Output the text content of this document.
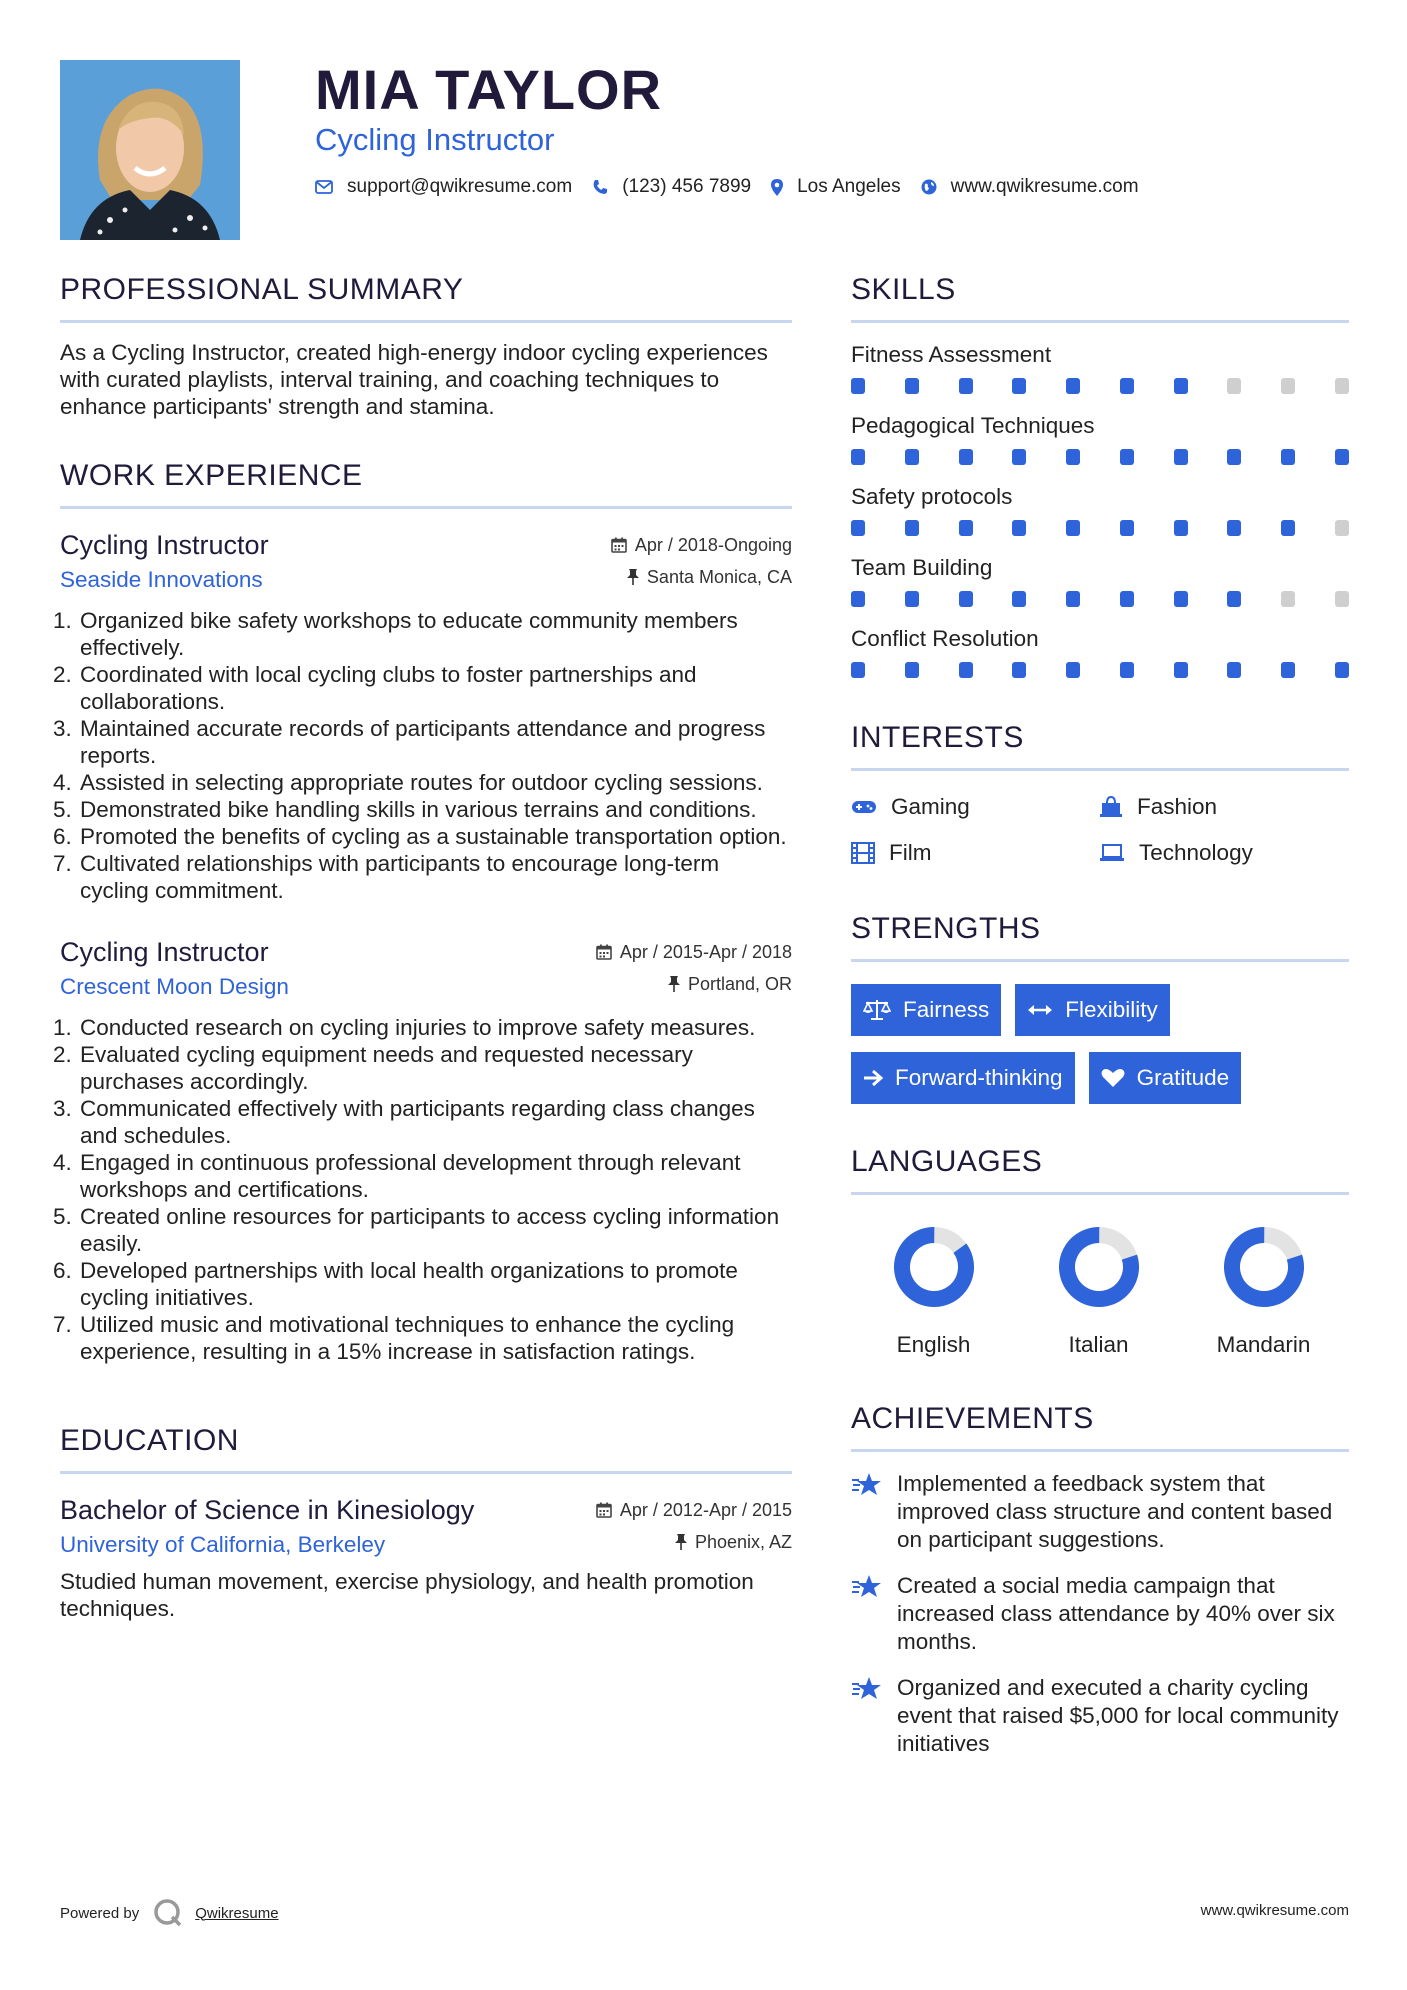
MIA TAYLOR
Cycling Instructor
support@qwikresume.com	(123) 456 7899 Los Angeles	www.qwikresume.com
PROFESSIONAL SUMMARY
As a Cycling Instructor, created high-energy indoor cycling experiences with curated playlists, interval training, and coaching techniques to enhance participants' strength and stamina.
WORK EXPERIENCE
Cycling Instructor
Seaside Innovations
Apr / 2018-Ongoing
Santa Monica, CA
1. Organized bike safety workshops to educate community members effectively.
2. Coordinated with local cycling clubs to foster partnerships and collaborations.
3. Maintained accurate records of participants attendance and progress reports.
4. Assisted in selecting appropriate routes for outdoor cycling sessions.
5. Demonstrated bike handling skills in various terrains and conditions.
6. Promoted the benefits of cycling as a sustainable transportation option.
7. Cultivated relationships with participants to encourage long-term cycling commitment.
Cycling Instructor
Crescent Moon Design
Apr / 2015-Apr / 2018
Portland, OR
1. Conducted research on cycling injuries to improve safety measures.
2. Evaluated cycling equipment needs and requested necessary purchases accordingly.
3. Communicated effectively with participants regarding class changes and schedules.
4. Engaged in continuous professional development through relevant workshops and certifications.
5. Created online resources for participants to access cycling information easily.
6. Developed partnerships with local health organizations to promote cycling initiatives.
7. Utilized music and motivational techniques to enhance the cycling experience, resulting in a 15% increase in satisfaction ratings.
EDUCATION
Bachelor of Science in Kinesiology
University of California, Berkeley
Apr / 2012-Apr / 2015
Phoenix, AZ
Studied human movement, exercise physiology, and health promotion techniques.
SKILLS
Fitness Assessment
Pedagogical Techniques
Safety protocols
Team Building
Conflict Resolution
INTERESTS
Gaming	Fashion
Film	Technology
STRENGTHS
Fairness	Flexibility
Forward-thinking	Gratitude
LANGUAGES
English	Italian	Mandarin
ACHIEVEMENTS
Implemented a feedback system that improved class structure and content based on participant suggestions.
Created a social media campaign that increased class attendance by 40% over six months.
Organized and executed a charity cycling event that raised $5,000 for local community initiatives
Powered by	Qwikresume	www.qwikresume.com
